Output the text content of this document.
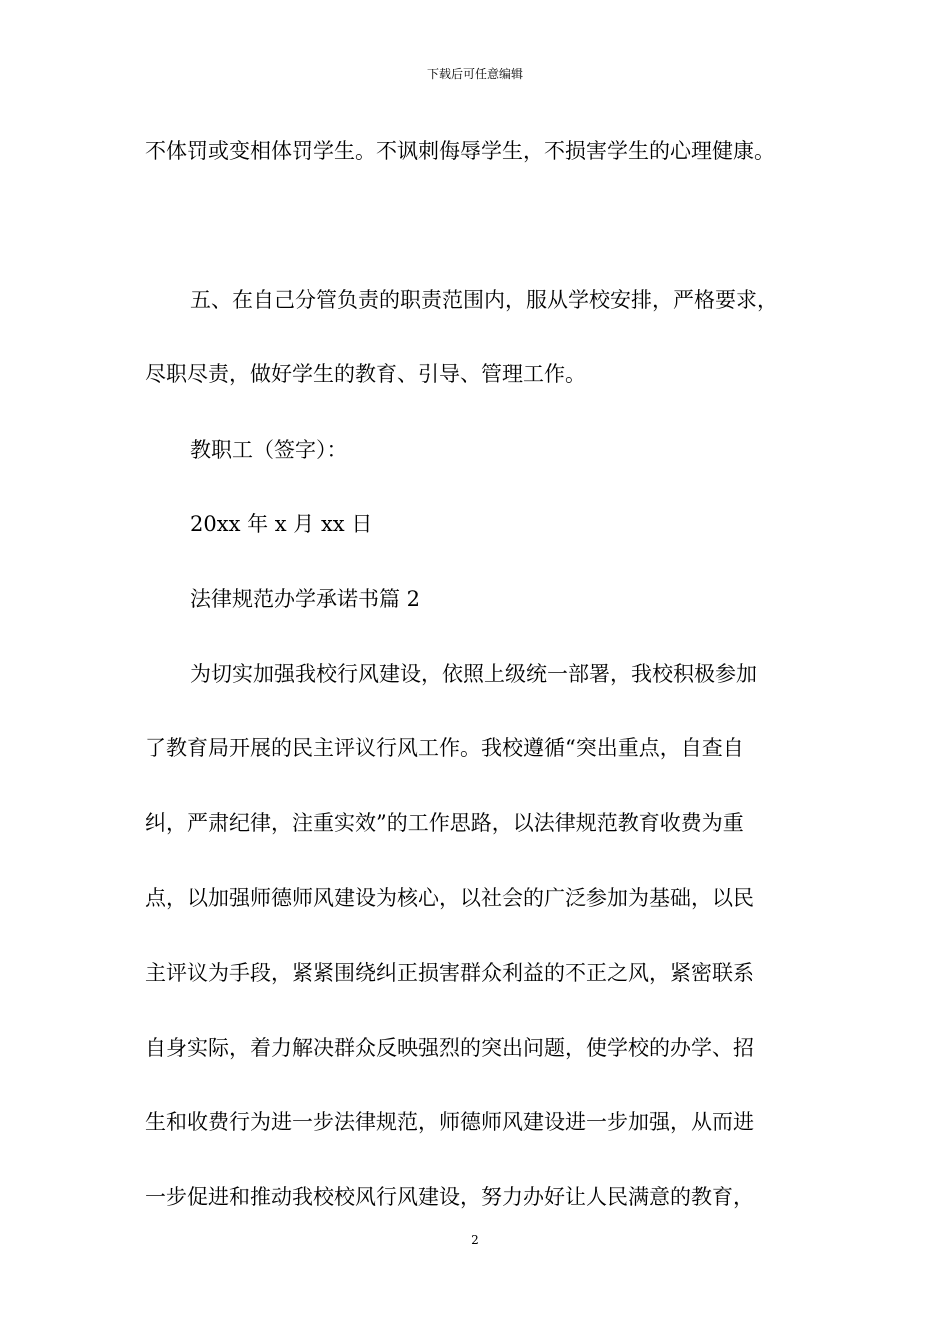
下载后可任意编辑
不体罚或变相体罚学生。不讽刺侮辱学生，不损害学生的心理健康。
五、在自己分管负责的职责范围内，服从学校安排，严格要求，
尽职尽责，做好学生的教育、引导、管理工作。
教职工（签字）：
20xx 年 x 月 xx 日
法律规范办学承诺书篇 2
为切实加强我校行风建设，依照上级统一部署，我校积极参加
了教育局开展的民主评议行风工作。我校遵循“突出重点，自查自
纠，严肃纪律，注重实效”的工作思路，以法律规范教育收费为重
点，以加强师德师风建设为核心，以社会的广泛参加为基础，以民
主评议为手段，紧紧围绕纠正损害群众利益的不正之风，紧密联系
自身实际，着力解决群众反映强烈的突出问题，使学校的办学、招
生和收费行为进一步法律规范，师德师风建设进一步加强，从而进
一步促进和推动我校校风行风建设，努力办好让人民满意的教育，
2
